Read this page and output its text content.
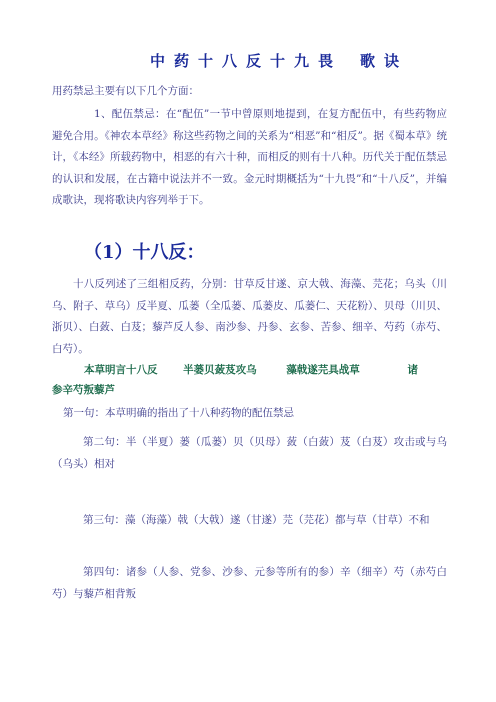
中药十八反十九畏 歌诀
用药禁忌主要有以下几个方面：
1、配伍禁忌：在“配伍”一节中曾原则地提到，在复方配伍中，有些药物应避免合用。《神农本草经》称这些药物之间的关系为“相恶”和“相反”。据《蜀本草》统计，《本经》所载药物中，相恶的有六十种，而相反的则有十八种。历代关于配伍禁忌的认识和发展，在古籍中说法并不一致。金元时期概括为“十九畏”和“十八反”，并编成歌诀，现将歌诀内容列举于下。
（1）十八反：
十八反列述了三组相反药，分别：甘草反甘遂、京大戟、海藻、芫花；乌头（川乌、附子、草乌）反半夏、瓜蒌（全瓜蒌、瓜蒌皮、瓜蒌仁、天花粉）、贝母（川贝、浙贝）、白蔹、白芨；藜芦反人参、南沙参、丹参、玄参、苦参、细辛、芍药（赤芍、白芍）。
本草明言十八反 半蒌贝蔹芨攻乌	藻戟遂芫具战草	诸
参辛芍叛藜芦
第一句：本草明确的指出了十八种药物的配伍禁忌
第二句：半（半夏）蒌（瓜蒌）贝（贝母）蔹（白蔹）芨（白芨）攻击或与乌（乌头）相对
第三句：藻（海藻）戟（大戟）遂（甘遂）芫（芫花）都与草（甘草）不和
第四句：诸参（人参、党参、沙参、元参等所有的参）辛（细辛）芍（赤芍白芍）与藜芦相背叛
